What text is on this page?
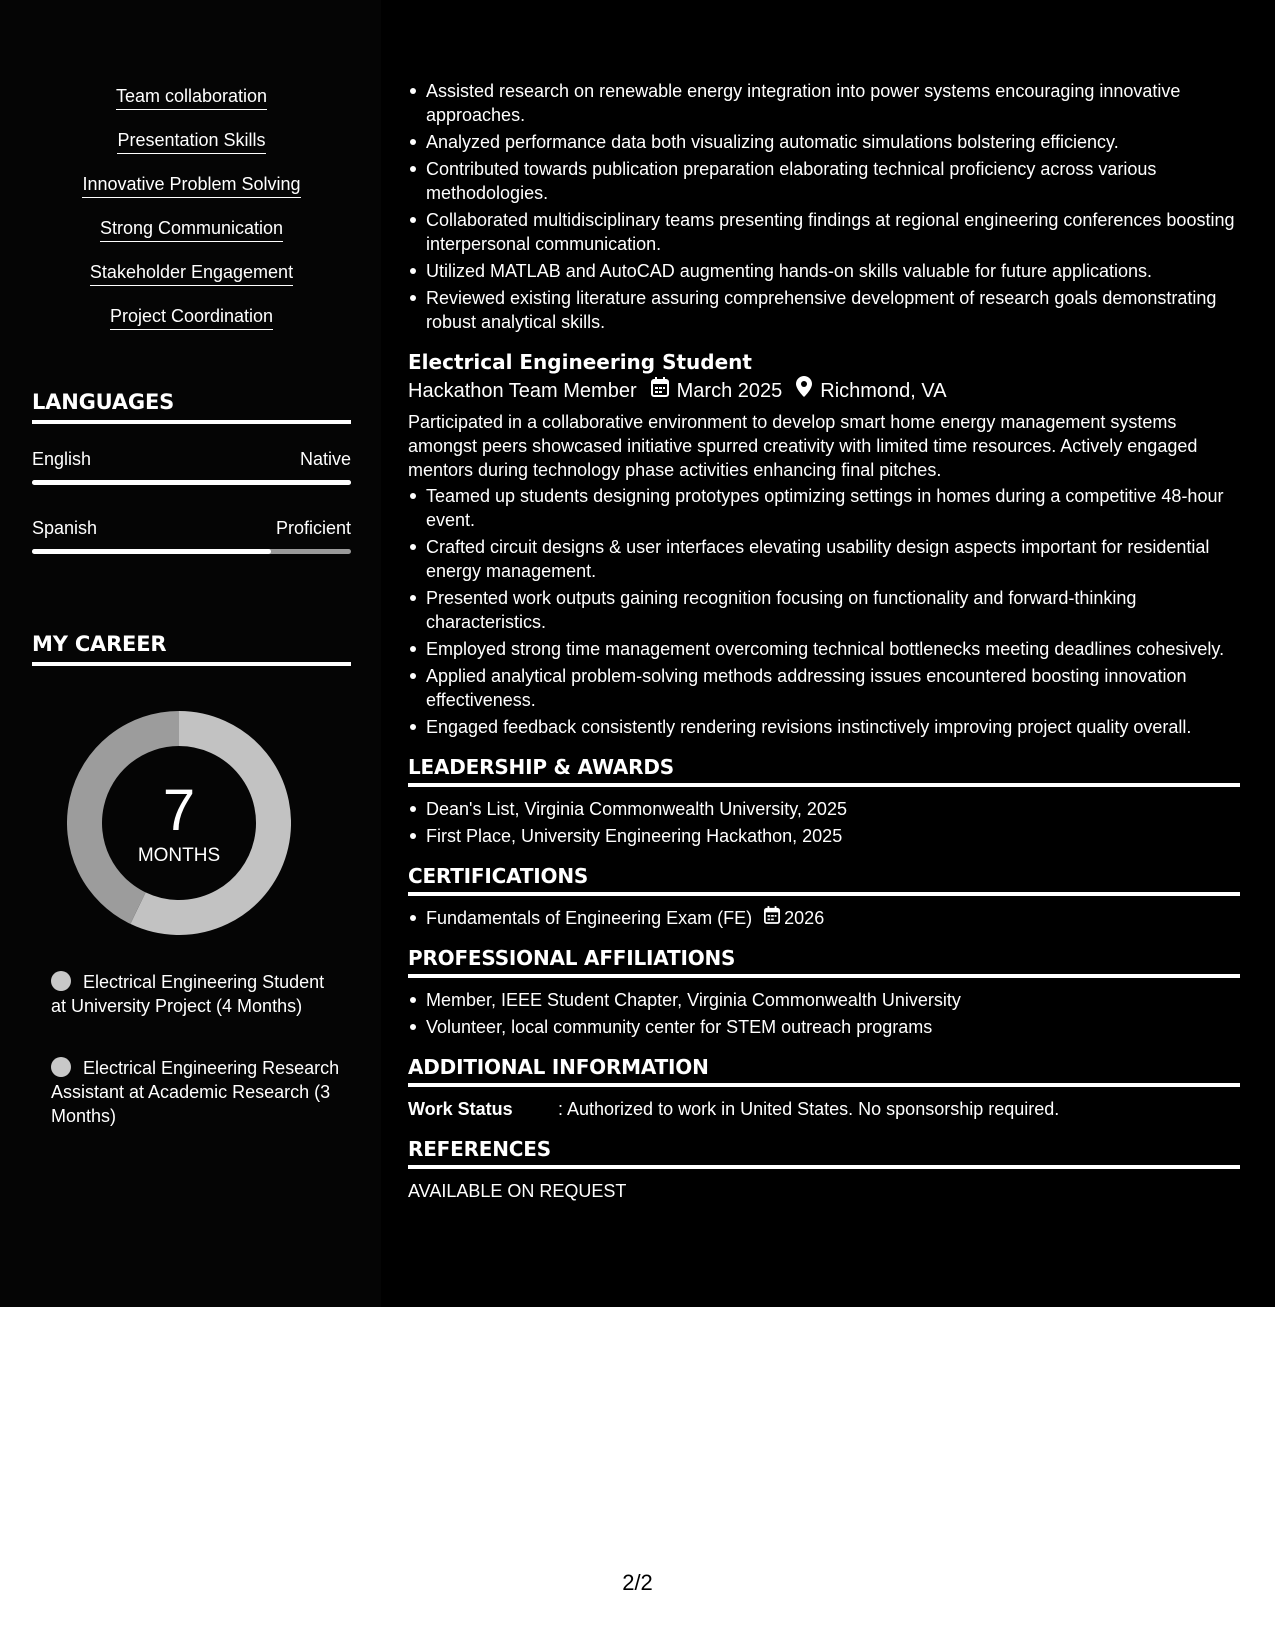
Team collaboration
Presentation Skills
Innovative Problem Solving
Strong Communication
Stakeholder Engagement
Project Coordination
LANGUAGES
English	Native
Spanish	Proficient
MY CAREER
7
MONTHS
Electrical Engineering Student at University Project (4 Months)
Electrical Engineering Research Assistant at Academic Research (3 Months)
Assisted research on renewable energy integration into power systems encouraging innovative approaches.
Analyzed performance data both visualizing automatic simulations bolstering efficiency.
Contributed towards publication preparation elaborating technical proficiency across various methodologies.
Collaborated multidisciplinary teams presenting findings at regional engineering conferences boosting interpersonal communication.
Utilized MATLAB and AutoCAD augmenting hands-on skills valuable for future applications.
Reviewed existing literature assuring comprehensive development of research goals demonstrating robust analytical skills.
Electrical Engineering Student
Hackathon Team Member March 2025 Richmond, VA
Participated in a collaborative environment to develop smart home energy management systems amongst peers showcased initiative spurred creativity with limited time resources. Actively engaged mentors during technology phase activities enhancing final pitches.
Teamed up students designing prototypes optimizing settings in homes during a competitive 48-hour event.
Crafted circuit designs & user interfaces elevating usability design aspects important for residential energy management.
Presented work outputs gaining recognition focusing on functionality and forward-thinking characteristics.
Employed strong time management overcoming technical bottlenecks meeting deadlines cohesively.
Applied analytical problem-solving methods addressing issues encountered boosting innovation effectiveness.
Engaged feedback consistently rendering revisions instinctively improving project quality overall.
LEADERSHIP & AWARDS
Dean's List, Virginia Commonwealth University, 2025
First Place, University Engineering Hackathon, 2025
CERTIFICATIONS
Fundamentals of Engineering Exam (FE) 2026
PROFESSIONAL AFFILIATIONS
Member, IEEE Student Chapter, Virginia Commonwealth University
Volunteer, local community center for STEM outreach programs
ADDITIONAL INFORMATION
Work Status	: Authorized to work in United States. No sponsorship required.
REFERENCES
AVAILABLE ON REQUEST
2/2
